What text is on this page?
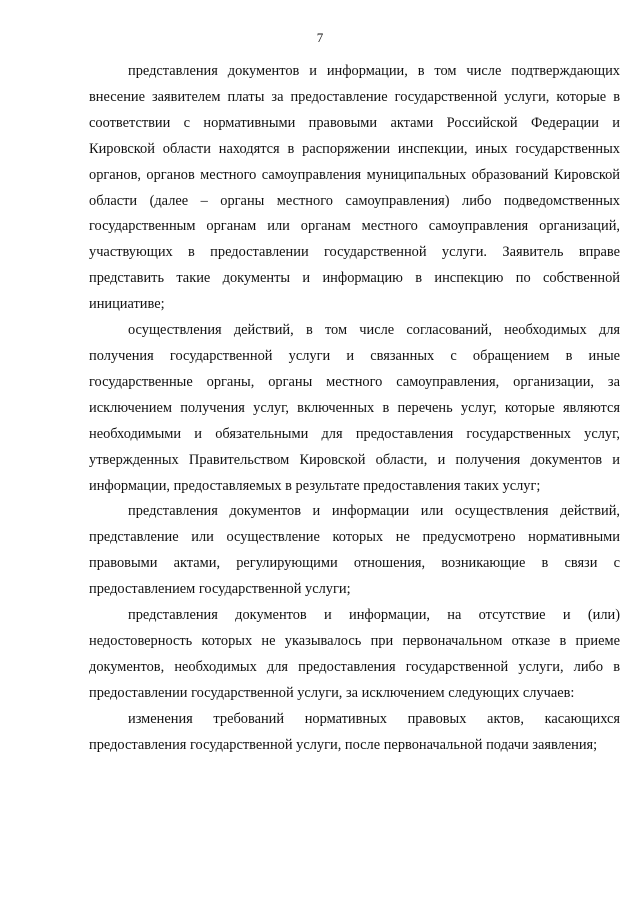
7

представления документов и информации, в том числе подтверждающих внесение заявителем платы за предоставление государственной услуги, которые в соответствии с нормативными правовыми актами Российской Федерации и Кировской области находятся в распоряжении инспекции, иных государственных органов, органов местного самоуправления муниципальных образований Кировской области (далее – органы местного самоуправления) либо подведомственных государственным органам или органам местного самоуправления организаций, участвующих в предоставлении государственной услуги. Заявитель вправе представить такие документы и информацию в инспекцию по собственной инициативе;

осуществления действий, в том числе согласований, необходимых для получения государственной услуги и связанных с обращением в иные государственные органы, органы местного самоуправления, организации, за исключением получения услуг, включенных в перечень услуг, которые являются необходимыми и обязательными для предоставления государственных услуг, утвержденных Правительством Кировской области, и получения документов и информации, предоставляемых в результате предоставления таких услуг;

представления документов и информации или осуществления действий, представление или осуществление которых не предусмотрено нормативными правовыми актами, регулирующими отношения, возникающие в связи с предоставлением государственной услуги;

представления документов и информации, на отсутствие и (или) недостоверность которых не указывалось при первоначальном отказе в приеме документов, необходимых для предоставления государственной услуги, либо в предоставлении государственной услуги, за исключением следующих случаев:

изменения требований нормативных правовых актов, касающихся предоставления государственной услуги, после первоначальной подачи заявления;
